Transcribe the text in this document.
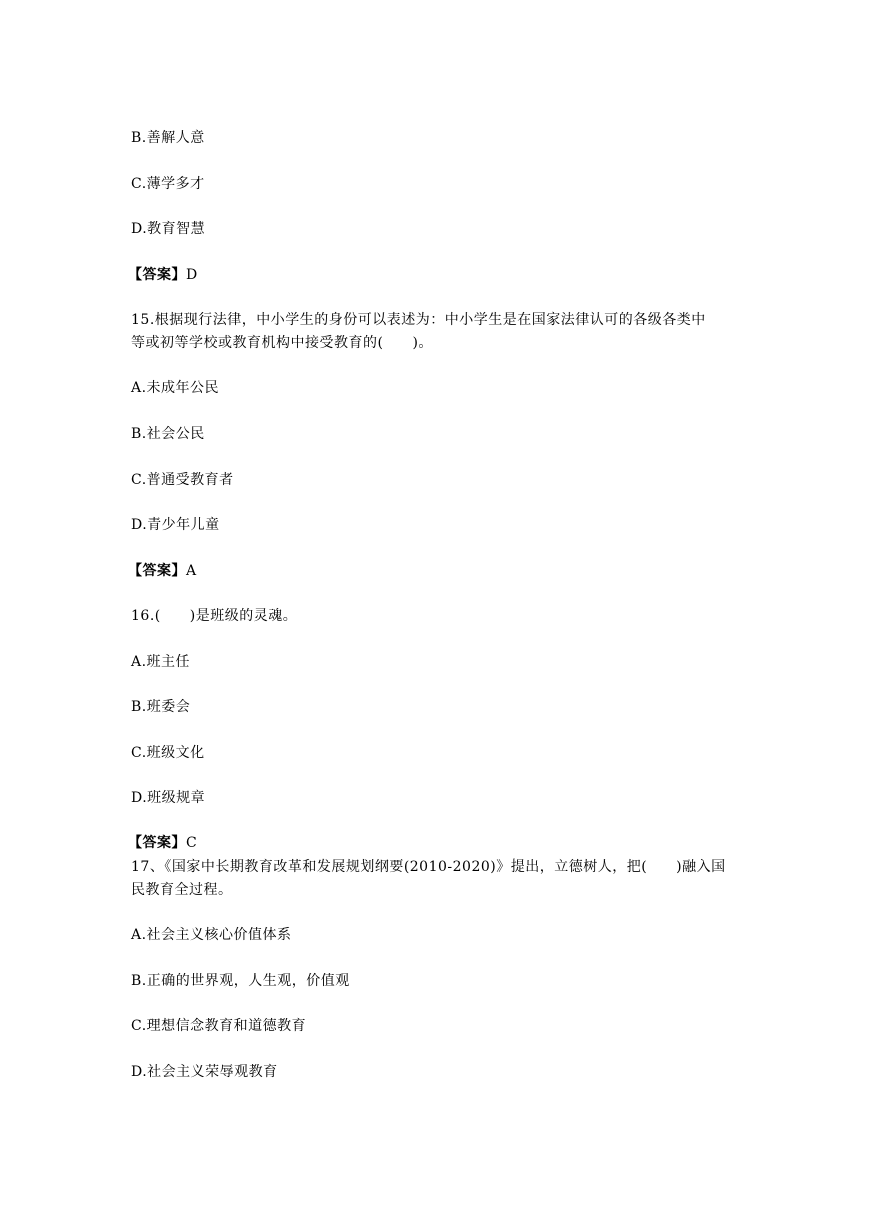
B.善解人意
C.薄学多才
D.教育智慧
【答案】D
15.根据现行法律，中小学生的身份可以表述为：中小学生是在国家法律认可的各级各类中
等或初等学校或教育机构中接受教育的(　　)。
A.未成年公民
B.社会公民
C.普通受教育者
D.青少年儿童
【答案】A
16.(　　)是班级的灵魂。
A.班主任
B.班委会
C.班级文化
D.班级规章
【答案】C
17、《国家中长期教育改革和发展规划纲要(2010-2020)》提出，立德树人，把(　　)融入国
民教育全过程。
A.社会主义核心价值体系
B.正确的世界观，人生观，价值观
C.理想信念教育和道德教育
D.社会主义荣辱观教育
